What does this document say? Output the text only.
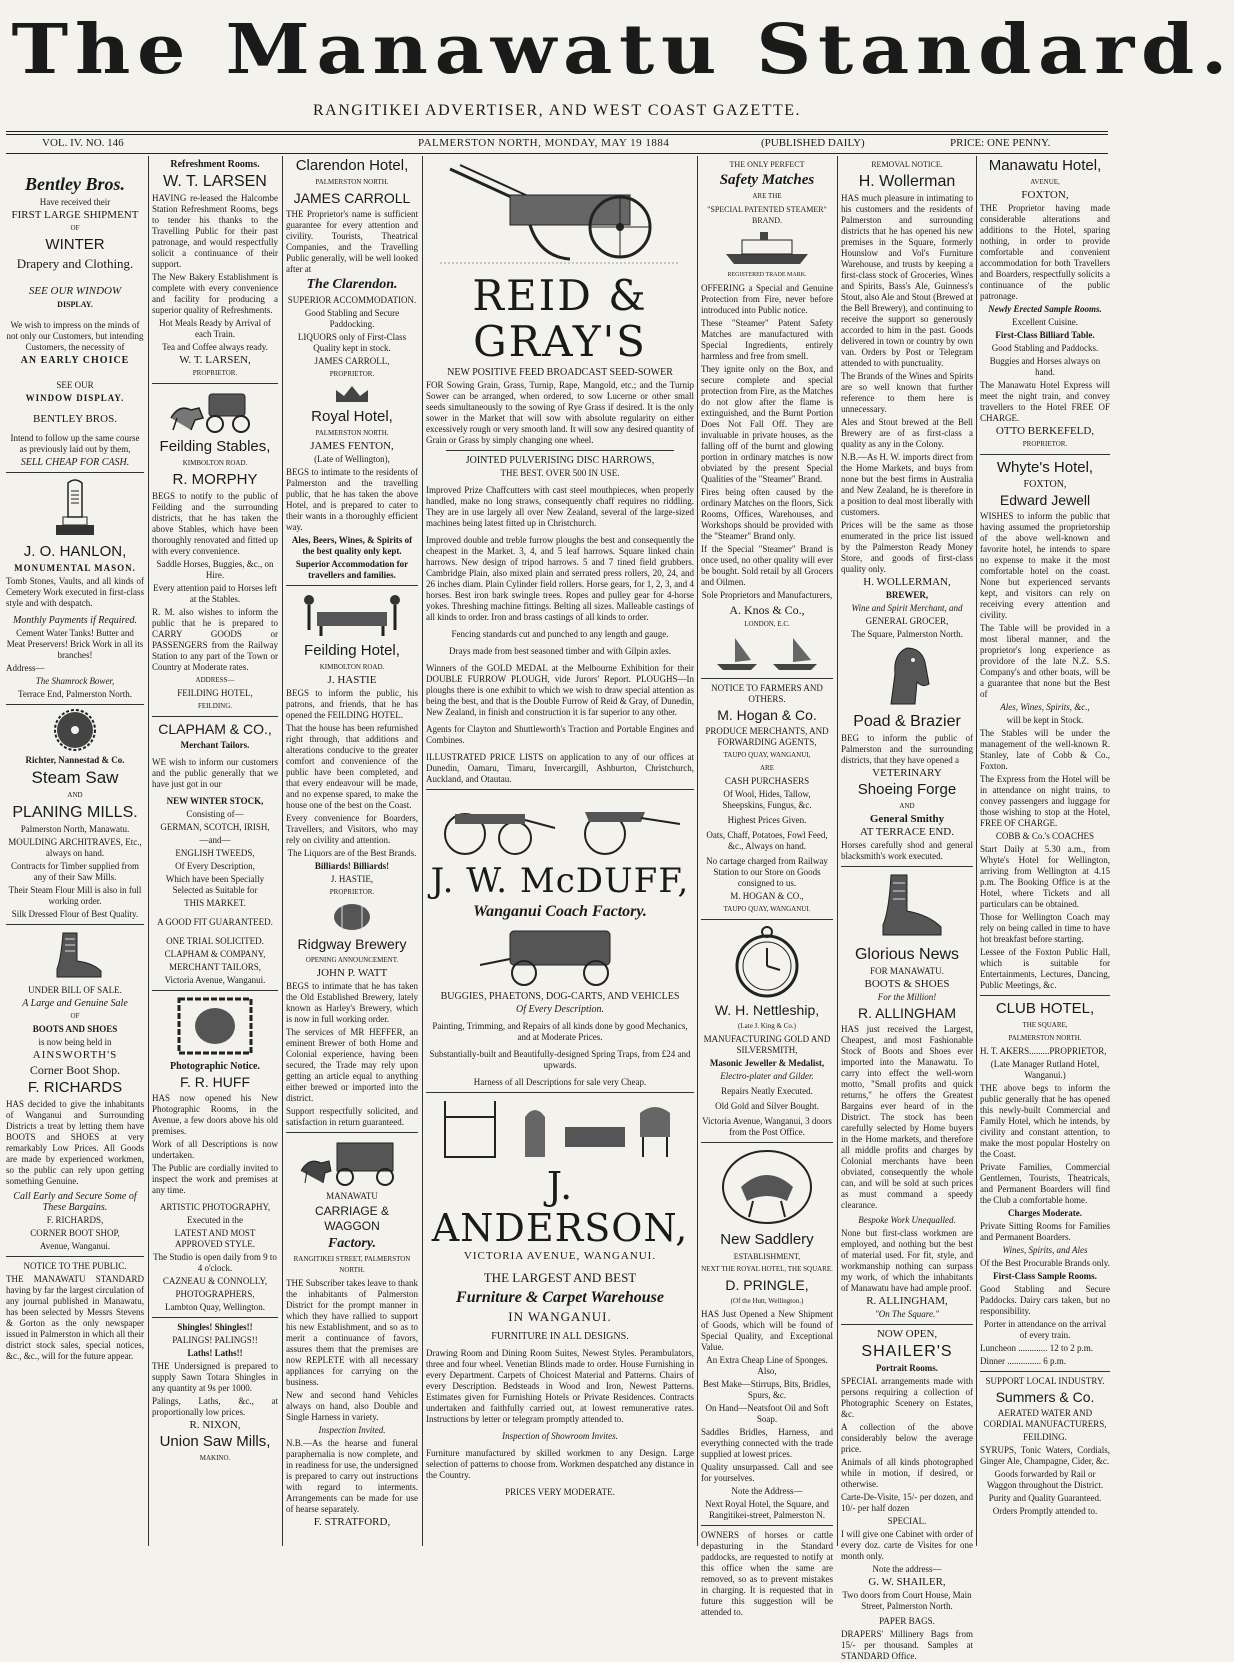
The Manawatu Standard.
RANGITIKEI ADVERTISER, AND WEST COAST GAZETTE.
VOL. IV. NO. 146	PALMERSTON NORTH, MONDAY, MAY 19 1884	(PUBLISHED DAILY)	PRICE: ONE PENNY.
Bentley Bros.

Have received their

FIRST LARGE SHIPMENT

OF

WINTER

Drapery and Clothing.

SEE OUR WINDOW

DISPLAY.

We wish to impress on the minds of not only our Customers, but intending Customers, the necessity of

AN EARLY CHOICE

SEE OUR

WINDOW DISPLAY.

BENTLEY BROS.

Intend to follow up the same course as previously laid out by them,

SELL CHEAP FOR CASH.

J. O. HANLON,

MONUMENTAL MASON.

Tomb Stones, Vaults, and all kinds of Cemetery Work executed in first-class style and with despatch.

Monthly Payments if Required.

Cement Water Tanks! Butter and Meat Preservers! Brick Work in all its branches!

Address—

The Shamrock Bower,

Terrace End, Palmerston North.

Richter, Nannestad & Co.

Steam Saw

AND

PLANING MILLS.

Palmerston North, Manawatu.

MOULDING ARCHITRAVES, Etc., always on hand.

Contracts for Timber supplied from any of their Saw Mills.

Their Steam Flour Mill is also in full working order.

Silk Dressed Flour of Best Quality.

UNDER BILL OF SALE.

A Large and Genuine Sale

OF

BOOTS AND SHOES

is now being held in

AINSWORTH'S

Corner Boot Shop.

F. RICHARDS

HAS decided to give the inhabitants of Wanganui and Surrounding Districts a treat by letting them have BOOTS and SHOES at very remarkably Low Prices. All Goods are made by experienced workmen, so the public can rely upon getting something Genuine.

Call Early and Secure Some of These Bargains.

F. RICHARDS,

CORNER BOOT SHOP,

Avenue, Wanganui.

NOTICE TO THE PUBLIC.

THE MANAWATU STANDARD having by far the largest circulation of any journal published in Manawatu, has been selected by Messrs Stevens & Gorton as the only newspaper issued in Palmerston in which all their district stock sales, special notices, &c., &c., will for the future appear.

Refreshment Rooms.

W. T. LARSEN

HAVING re-leased the Halcombe Station Refreshment Rooms, begs to tender his thanks to the Travelling Public for their past patronage, and would respectfully solicit a continuance of their support.

The New Bakery Establishment is complete with every convenience and facility for producing a superior quality of Refreshments.

Hot Meals Ready by Arrival of each Train.

Tea and Coffee always ready.

W. T. LARSEN,

PROPRIETOR.

Feilding Stables,

KIMBOLTON ROAD.

R. MORPHY

BEGS to notify to the public of Feilding and the surrounding districts, that he has taken the above Stables, which have been thoroughly renovated and fitted up with every convenience.

Saddle Horses, Buggies, &c., on Hire.

Every attention paid to Horses left at the Stables.

R. M. also wishes to inform the public that he is prepared to CARRY GOODS or PASSENGERS from the Railway Station to any part of the Town or Country at Moderate rates.

ADDRESS—

FEILDING HOTEL,

FEILDING.

CLAPHAM & CO.,

Merchant Tailors.

WE wish to inform our customers and the public generally that we have just got in our

NEW WINTER STOCK,

Consisting of—

GERMAN, SCOTCH, IRISH,

—and—

ENGLISH TWEEDS,

Of Every Description,

Which have been Specially Selected as Suitable for

THIS MARKET.

A GOOD FIT GUARANTEED.

ONE TRIAL SOLICITED.

CLAPHAM & COMPANY,

MERCHANT TAILORS,

Victoria Avenue, Wanganui.

Photographic Notice.

F. R. HUFF

HAS now opened his New Photographic Rooms, in the Avenue, a few doors above his old premises.

Work of all Descriptions is now undertaken.

The Public are cordially invited to inspect the work and premises at any time.

ARTISTIC PHOTOGRAPHY,

Executed in the

LATEST AND MOST APPROVED STYLE.

The Studio is open daily from 9 to 4 o'clock.

CAZNEAU & CONNOLLY,

PHOTOGRAPHERS,

Lambton Quay, Wellington.

Shingles! Shingles!!

PALINGS! PALINGS!!

Laths! Laths!!

THE Undersigned is prepared to supply Sawn Totara Shingles in any quantity at 9s per 1000.

Palings, Laths, &c., at proportionally low prices.

R. NIXON,

Union Saw Mills,

MAKINO.

Clarendon Hotel,

PALMERSTON NORTH.

JAMES CARROLL

THE Proprietor's name is sufficient guarantee for every attention and civility. Tourists, Theatrical Companies, and the Travelling Public generally, will be well looked after at

The Clarendon.

SUPERIOR ACCOMMODATION.

Good Stabling and Secure Paddocking.

LIQUORS only of First-Class Quality kept in stock.

JAMES CARROLL,

PROPRIETOR.

Royal Hotel,

PALMERSTON NORTH.

JAMES FENTON,

(Late of Wellington),

BEGS to intimate to the residents of Palmerston and the travelling public, that he has taken the above Hotel, and is prepared to cater to their wants in a thoroughly efficient way.

Ales, Beers, Wines, & Spirits of the best quality only kept.

Superior Accommodation for travellers and families.

Feilding Hotel,

KIMBOLTON ROAD.

J. HASTIE

BEGS to inform the public, his patrons, and friends, that he has opened the FEILDING HOTEL.

That the house has been refurnished right through, that additions and alterations conducive to the greater comfort and convenience of the public have been completed, and that every endeavour will be made, and no expense spared, to make the house one of the best on the Coast.

Every convenience for Boarders, Travellers, and Visitors, who may rely on civility and attention.

The Liquors are of the Best Brands.

Billiards! Billiards!

J. HASTIE,

PROPRIETOR.

Ridgway Brewery

OPENING ANNOUNCEMENT.

JOHN P. WATT

BEGS to intimate that he has taken the Old Established Brewery, lately known as Harley's Brewery, which is now in full working order.

The services of MR HEFFER, an eminent Brewer of both Home and Colonial experience, having been secured, the Trade may rely upon getting an article equal to anything either brewed or imported into the district.

Support respectfully solicited, and satisfaction in return guaranteed.

MANAWATU

CARRIAGE & WAGGON

Factory.

RANGITIKEI STREET, PALMERSTON NORTH.

THE Subscriber takes leave to thank the inhabitants of Palmerston District for the prompt manner in which they have rallied to support his new Establishment, and so as to merit a continuance of favors, assures them that the premises are now REPLETE with all necessary appliances for carrying on the business.

New and second hand Vehicles always on hand, also Double and Single Harness in variety.

Inspection Invited.

N.B.—As the hearse and funeral paraphernalia is now complete, and in readiness for use, the undersigned is prepared to carry out instructions with regard to interments. Arrangements can be made for use of hearse separately.

F. STRATFORD,

REID & GRAY'S

NEW POSITIVE FEED BROADCAST SEED-SOWER

FOR Sowing Grain, Grass, Turnip, Rape, Mangold, etc.; and the Turnip Sower can be arranged, when ordered, to sow Lucerne or other small seeds simultaneously to the sowing of Rye Grass if desired. It is the only sower in the Market that will sow with absolute regularity on either excessively rough or very smooth land. It will sow any desired quantity of Grain or Grass by simply changing one wheel.

JOINTED PULVERISING DISC HARROWS,

THE BEST. OVER 500 IN USE.

Improved Prize Chaffcutters with cast steel mouthpieces, when properly handled, make no long straws, consequently chaff requires no riddling. They are in use largely all over New Zealand, several of the large-sized machines being latest fitted up in Christchurch.

Improved double and treble furrow ploughs the best and consequently the cheapest in the Market. 3, 4, and 5 leaf harrows. Square linked chain harrows. New design of tripod harrows. 5 and 7 tined field grubbers. Cambridge Plain, also mixed plain and serrated press rollers, 20, 24, and 26 inches diam. Plain Cylinder field rollers. Horse gears, for 1, 2, 3, and 4 horses. Best iron bark swingle trees. Ropes and pulley gear for 4-horse yokes. Threshing machine fittings. Belting all sizes. Malleable castings of all kinds to order. Iron and brass castings of all kinds to order.

Fencing standards cut and punched to any length and gauge.

Drays made from best seasoned timber and with Gilpin axles.

Winners of the GOLD MEDAL at the Melbourne Exhibition for their DOUBLE FURROW PLOUGH, vide Jurors' Report. PLOUGHS—In ploughs there is one exhibit to which we wish to draw special attention as being the best, and that is the Double Furrow of Reid & Gray, of Dunedin, New Zealand, in finish and construction it is far superior to any other.

Agents for Clayton and Shuttleworth's Traction and Portable Engines and Combines.

ILLUSTRATED PRICE LISTS on application to any of our offices at Dunedin, Oamaru, Timaru, Invercargill, Ashburton, Christchurch, Auckland, and Otautau.

J. W. McDUFF,

Wanganui Coach Factory.

BUGGIES, PHAETONS, DOG-CARTS, AND VEHICLES

Of Every Description.

Painting, Trimming, and Repairs of all kinds done by good Mechanics, and at Moderate Prices.

Substantially-built and Beautifully-designed Spring Traps, from £24 and upwards.

Harness of all Descriptions for sale very Cheap.

J. ANDERSON,

VICTORIA AVENUE, WANGANUI.

THE LARGEST AND BEST

Furniture & Carpet Warehouse

IN WANGANUI.

FURNITURE IN ALL DESIGNS.

Drawing Room and Dining Room Suites, Newest Styles. Perambulators, three and four wheel. Venetian Blinds made to order. House Furnishing in every Department. Carpets of Choicest Material and Patterns. Chairs of every Description. Bedsteads in Wood and Iron, Newest Patterns. Estimates given for Furnishing Hotels or Private Residences. Contracts undertaken and faithfully carried out, at lowest remunerative rates. Instructions by letter or telegram promptly attended to.

Inspection of Showroom Invites.

Furniture manufactured by skilled workmen to any Design. Large selection of patterns to choose from. Workmen despatched any distance in the Country.

PRICES VERY MODERATE.

THE ONLY PERFECT

Safety Matches

ARE THE

"SPECIAL PATENTED STEAMER" BRAND.

REGISTERED TRADE MARK.

OFFERING a Special and Genuine Protection from Fire, never before introduced into Public notice.

These "Steamer" Patent Safety Matches are manufactured with Special Ingredients, entirely harmless and free from smell.

They ignite only on the Box, and secure complete and special protection from Fire, as the Matches do not glow after the flame is extinguished, and the Burnt Portion Does Not Fall Off. They are invaluable in private houses, as the falling off of the burnt and glowing portion in ordinary matches is now obviated by the present Special Qualities of the "Steamer" Brand.

Fires being often caused by the ordinary Matches on the floors, Sick Rooms, Offices, Warehouses, and Workshops should be provided with the "Steamer" Brand only.

If the Special "Steamer" Brand is once used, no other quality will ever be bought. Sold retail by all Grocers and Oilmen.

Sole Proprietors and Manufacturers,

A. Knos & Co.,

LONDON, E.C.

NOTICE TO FARMERS AND OTHERS.

M. Hogan & Co.

PRODUCE MERCHANTS, AND FORWARDING AGENTS,

TAUPO QUAY, WANGANUI,

ARE

CASH PURCHASERS

Of Wool, Hides, Tallow, Sheepskins, Fungus, &c.

Highest Prices Given.

Oats, Chaff, Potatoes, Fowl Feed, &c., Always on hand.

No cartage charged from Railway Station to our Store on Goods consigned to us.

M. HOGAN & CO.,

TAUPO QUAY, WANGANUI.

W. H. Nettleship,

(Late J. King & Co.)

MANUFACTURING GOLD AND SILVERSMITH,

Masonic Jeweller & Medalist,

Electro-plater and Gilder.

Repairs Neatly Executed.

Old Gold and Silver Bought.

Victoria Avenue, Wanganui, 3 doors from the Post Office.

New Saddlery

ESTABLISHMENT,

NEXT THE ROYAL HOTEL, THE SQUARE.

D. PRINGLE,

(Of the Hutt, Wellington.)

HAS Just Opened a New Shipment of Goods, which will be found of Special Quality, and Exceptional Value.

An Extra Cheap Line of Sponges. Also,

Best Make—Stirrups, Bits, Bridles, Spurs, &c.

On Hand—Neatsfoot Oil and Soft Soap.

Saddles Bridles, Harness, and everything connected with the trade supplied at lowest prices.

Quality unsurpassed. Call and see for yourselves.

Note the Address—

Next Royal Hotel, the Square, and Rangitikei-street, Palmerston N.

OWNERS of horses or cattle depasturing in the Standard paddocks, are requested to notify at this office when the same are removed, so as to prevent mistakes in charging. It is requested that in future this suggestion will be attended to.

REMOVAL NOTICE.

H. Wollerman

HAS much pleasure in intimating to his customers and the residents of Palmerston and surrounding districts that he has opened his new premises in the Square, formerly Hounslow and Vol's Furniture Warehouse, and trusts by keeping a first-class stock of Groceries, Wines and Spirits, Bass's Ale, Guinness's Stout, also Ale and Stout (Brewed at the Bell Brewery), and continuing to receive the support so generously accorded to him in the past. Goods delivered in town or country by own van. Orders by Post or Telegram attended to with punctuality.

The Brands of the Wines and Spirits are so well known that further reference to them here is unnecessary.

Ales and Stout brewed at the Bell Brewery are of as first-class a quality as any in the Colony.

N.B.—As H. W. imports direct from the Home Markets, and buys from none but the best firms in Australia and New Zealand, he is therefore in a position to deal most liberally with customers.

Prices will be the same as those enumerated in the price list issued by the Palmerston Ready Money Store, and goods of first-class quality only.

H. WOLLERMAN,

BREWER,

Wine and Spirit Merchant, and

GENERAL GROCER,

The Square, Palmerston North.

Poad & Brazier

BEG to inform the public of Palmerston and the surrounding districts, that they have opened a

VETERINARY

Shoeing Forge

AND

General Smithy

AT TERRACE END.

Horses carefully shod and general blacksmith's work executed.

Glorious News

FOR MANAWATU.

BOOTS & SHOES

For the Million!

R. ALLINGHAM

HAS just received the Largest, Cheapest, and most Fashionable Stock of Boots and Shoes ever imported into the Manawatu. To carry into effect the well-worn motto, "Small profits and quick returns," he offers the Greatest Bargains ever heard of in the District. The stock has been carefully selected by Home buyers in the Home markets, and therefore all middle profits and charges by Colonial merchants have been obviated, consequently the whole can, and will be sold at such prices as must command a speedy clearance.

Bespoke Work Unequalled.

None but first-class workmen are employed, and nothing but the best of material used. For fit, style, and workmanship nothing can surpass my work, of which the inhabitants of Manawatu have had ample proof.

R. ALLINGHAM,

"On The Square."

NOW OPEN,

SHAILER'S

Portrait Rooms.

SPECIAL arrangements made with persons requiring a collection of Photographic Scenery on Estates, &c.

A collection of the above considerably below the average price.

Animals of all kinds photographed while in motion, if desired, or otherwise.

Carte-De-Visite, 15/- per dozen, and 10/- per half dozen

SPECIAL.

I will give one Cabinet with order of every doz. carte de Visites for one month only.

Note the address—

G. W. SHAILER,

Two doors from Court House, Main Street, Palmerston North.

PAPER BAGS.

DRAPERS' Millinery Bags from 15/- per thousand. Samples at STANDARD Office.

Manawatu Hotel,

AVENUE,

FOXTON,

THE Proprietor having made considerable alterations and additions to the Hotel, sparing nothing, in order to provide comfortable and convenient accommodation for both Travellers and Boarders, respectfully solicits a continuance of the public patronage.

Newly Erected Sample Rooms.

Excellent Cuisine.

First-Class Billiard Table.

Good Stabling and Paddocks.

Buggies and Horses always on hand.

The Manawatu Hotel Express will meet the night train, and convey travellers to the Hotel FREE OF CHARGE.

OTTO BERKEFELD,

PROPRIETOR.

Whyte's Hotel,

FOXTON,

Edward Jewell

WISHES to inform the public that having assumed the proprietorship of the above well-known and favorite hotel, he intends to spare no expense to make it the most comfortable hotel on the coast. None but experienced servants kept, and visitors can rely on receiving every attention and civility.

The Table will be provided in a most liberal manner, and the proprietor's long experience as providore of the late N.Z. S.S. Company's and other boats, will be a guarantee that none but the Best of

Ales, Wines, Spirits, &c.,

will be kept in Stock.

The Stables will be under the management of the well-known R. Stanley, late of Cobb & Co., Foxton.

The Express from the Hotel will be in attendance on night trains, to convey passengers and luggage for those wishing to stop at the Hotel, FREE OF CHARGE.

COBB & Co.'s COACHES

Start Daily at 5.30 a.m., from Whyte's Hotel for Wellington, arriving from Wellington at 4.15 p.m. The Booking Office is at the Hotel, where Tickets and all particulars can be obtained.

Those for Wellington Coach may rely on being called in time to have hot breakfast before starting.

Lessee of the Foxton Public Hall, which is suitable for Entertainments, Lectures, Dancing, Public Meetings, &c.

CLUB HOTEL,

THE SQUARE,

PALMERSTON NORTH.

H. T. AKERS.........PROPRIETOR,

(Late Manager Rutland Hotel, Wanganui.)

THE above begs to inform the public generally that he has opened this newly-built Commercial and Family Hotel, which he intends, by civility and constant attention, to make the most popular Hostelry on the Coast.

Private Families, Commercial Gentlemen, Tourists, Theatricals, and Permanent Boarders will find the Club a comfortable home.

Charges Moderate.

Private Sitting Rooms for Families and Permanent Boarders.

Wines, Spirits, and Ales

Of the Best Procurable Brands only.

First-Class Sample Rooms.

Good Stabling and Secure Paddocks. Dairy cars taken, but no responsibility.

Porter in attendance on the arrival of every train.

Luncheon ............. 12 to 2 p.m.

Dinner ............... 6 p.m.

SUPPORT LOCAL INDUSTRY.

Summers & Co.

AERATED WATER AND CORDIAL MANUFACTURERS,

FEILDING.

SYRUPS, Tonic Waters, Cordials, Ginger Ale, Champagne, Cider, &c.

Goods forwarded by Rail or Waggon throughout the District.

Purity and Quality Guaranteed.

Orders Promptly attended to.
